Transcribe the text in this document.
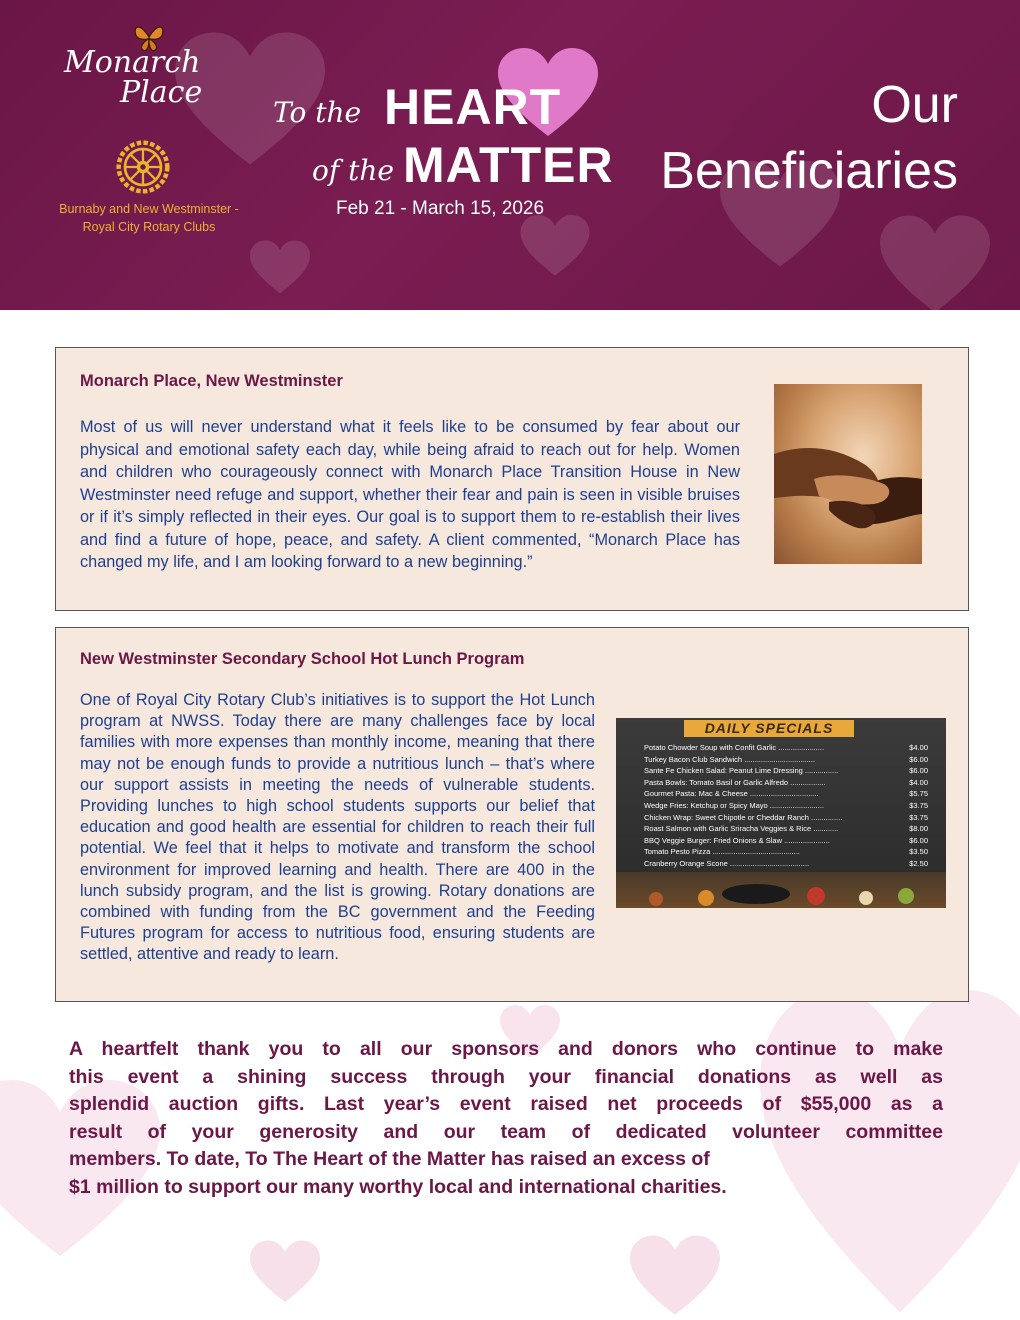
Monarch
Place
Burnaby and New Westminster -
Royal City Rotary Clubs
To the HEART
of the MATTER
Feb 21 - March 15, 2026
Our
Beneficiaries
Monarch Place, New Westminster

Most of us will never understand what it feels like to be consumed by fear about our physical and emotional safety each day, while being afraid to reach out for help. Women and children who courageously connect with Monarch Place Transition House in New Westminster need refuge and support, whether their fear and pain is seen in visible bruises or if it’s simply reflected in their eyes. Our goal is to support them to re-establish their lives and find a future of hope, peace, and safety. A client commented, “Monarch Place has changed my life, and I am looking forward to a new beginning.”

New Westminster Secondary School Hot Lunch Program

One of Royal City Rotary Club’s initiatives is to support the Hot Lunch program at NWSS. Today there are many challenges face by local families with more expenses than monthly income, meaning that there may not be enough funds to provide a nutritious lunch – that’s where our support assists in meeting the needs of vulnerable students. Providing lunches to high school students supports our belief that education and good health are essential for children to reach their full potential. We feel that it helps to motivate and transform the school environment for improved learning and health. There are 400 in the lunch subsidy program, and the list is growing. Rotary donations are combined with funding from the BC government and the Feeding Futures program for access to nutritious food, ensuring students are settled, attentive and ready to learn.

DAILY SPECIALS
Potato Chowder Soup with Confit Garlic ......................	$4.00
Turkey Bacon Club Sandwich ..................................	$6.00
Sante Fe Chicken Salad: Peanut Lime Dressing ................	$6.00
Pasta Bowls: Tomato Basil or Garlic Alfredo .................	$4.00
Gourmet Pasta: Mac & Cheese .................................	$5.75
Wedge Fries: Ketchup or Spicy Mayo ..........................	$3.75
Chicken Wrap: Sweet Chipotle or Cheddar Ranch ...............	$3.75
Roast Salmon with Garlic Sriracha Veggies & Rice ............	$8.00
BBQ Veggie Burger: Fried Onions & Slaw ......................	$6.00
Tomato Pesto Pizza ..........................................	$3.50
Cranberry Orange Scone ......................................	$2.50
A heartfelt thank you to all our sponsors and donors who continue to make
this event a shining success through your financial donations as well as
splendid auction gifts. Last year’s event raised net proceeds of $55,000 as a
result of your generosity and our team of dedicated volunteer committee
members. To date, To The Heart of the Matter has raised an excess of
$1 million to support our many worthy local and international charities.
